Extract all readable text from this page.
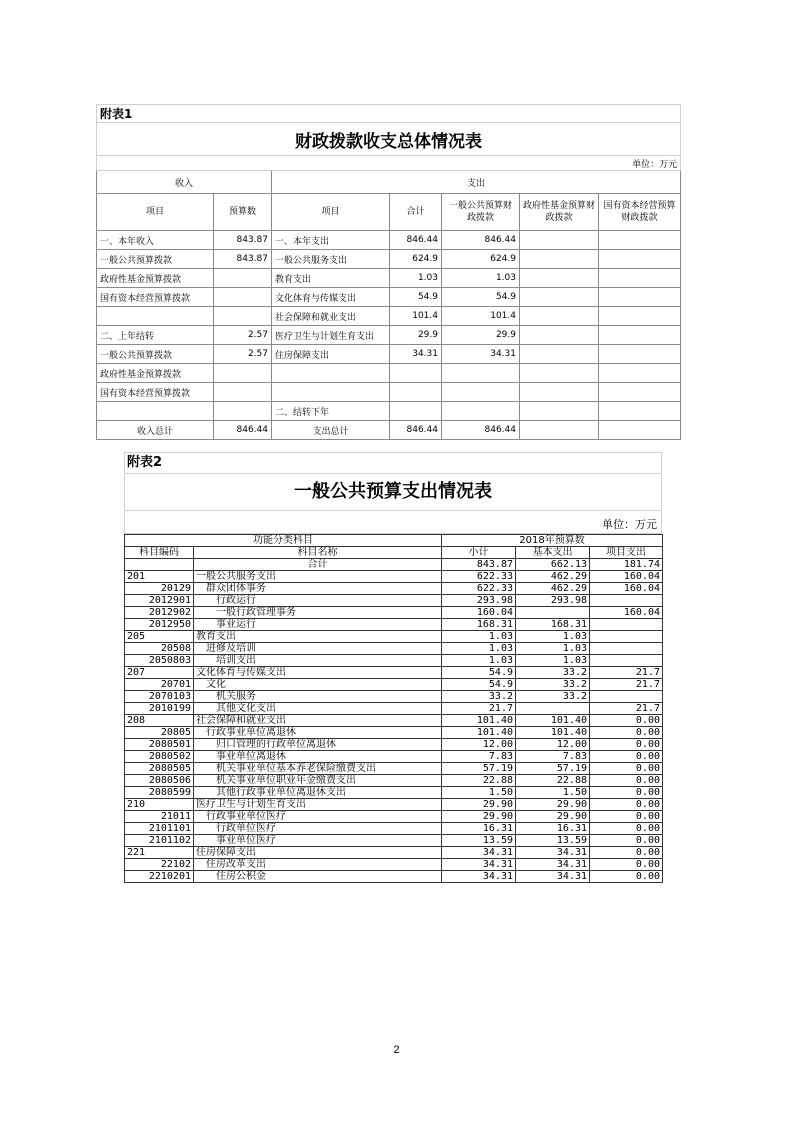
附表1						
财政拨款收支总体情况表						
单位：万元						
收入		支出				
项目	预算数	项目	合计	一般公共预算财政拨款	政府性基金预算财政拨款	国有资本经营预算财政拨款
一、本年收入	843.87	一、本年支出	846.44	846.44		
一般公共预算拨款	843.87	一般公共服务支出	624.9	624.9		
政府性基金预算拨款		教育支出	1.03	1.03		
国有资本经营预算拨款		文化体育与传媒支出	54.9	54.9		
		社会保障和就业支出	101.4	101.4		
二、上年结转	2.57	医疗卫生与计划生育支出	29.9	29.9		
一般公共预算拨款	2.57	住房保障支出	34.31	34.31		
政府性基金预算拨款						
国有资本经营预算拨款						
		二、结转下年				
收入总计	846.44	支出总计	846.44	846.44		
附表2
一般公共预算支出情况表
单位：万元
功能分类科目		2018年预算数		
科目编码	科目名称	小计	基本支出	项目支出
	合计	843.87	662.13	181.74
201	一般公共服务支出	622.33	462.29	160.04
20129	群众团体事务	622.33	462.29	160.04
2012901	行政运行	293.98	293.98	
2012902	一般行政管理事务	160.04		160.04
2012950	事业运行	168.31	168.31	
205	教育支出	1.03	1.03	
20508	进修及培训	1.03	1.03	
2050803	培训支出	1.03	1.03	
207	文化体育与传媒支出	54.9	33.2	21.7
20701	文化	54.9	33.2	21.7
2070103	机关服务	33.2	33.2	
2010199	其他文化支出	21.7		21.7
208	社会保障和就业支出	101.40	101.40	0.00
20805	行政事业单位离退休	101.40	101.40	0.00
2080501	归口管理的行政单位离退休	12.00	12.00	0.00
2080502	事业单位离退休	7.83	7.83	0.00
2080505	机关事业单位基本养老保险缴费支出	57.19	57.19	0.00
2080506	机关事业单位职业年金缴费支出	22.88	22.88	0.00
2080599	其他行政事业单位离退休支出	1.50	1.50	0.00
210	医疗卫生与计划生育支出	29.90	29.90	0.00
21011	行政事业单位医疗	29.90	29.90	0.00
2101101	行政单位医疗	16.31	16.31	0.00
2101102	事业单位医疗	13.59	13.59	0.00
221	住房保障支出	34.31	34.31	0.00
22102	住房改革支出	34.31	34.31	0.00
2210201	住房公积金	34.31	34.31	0.00
2
